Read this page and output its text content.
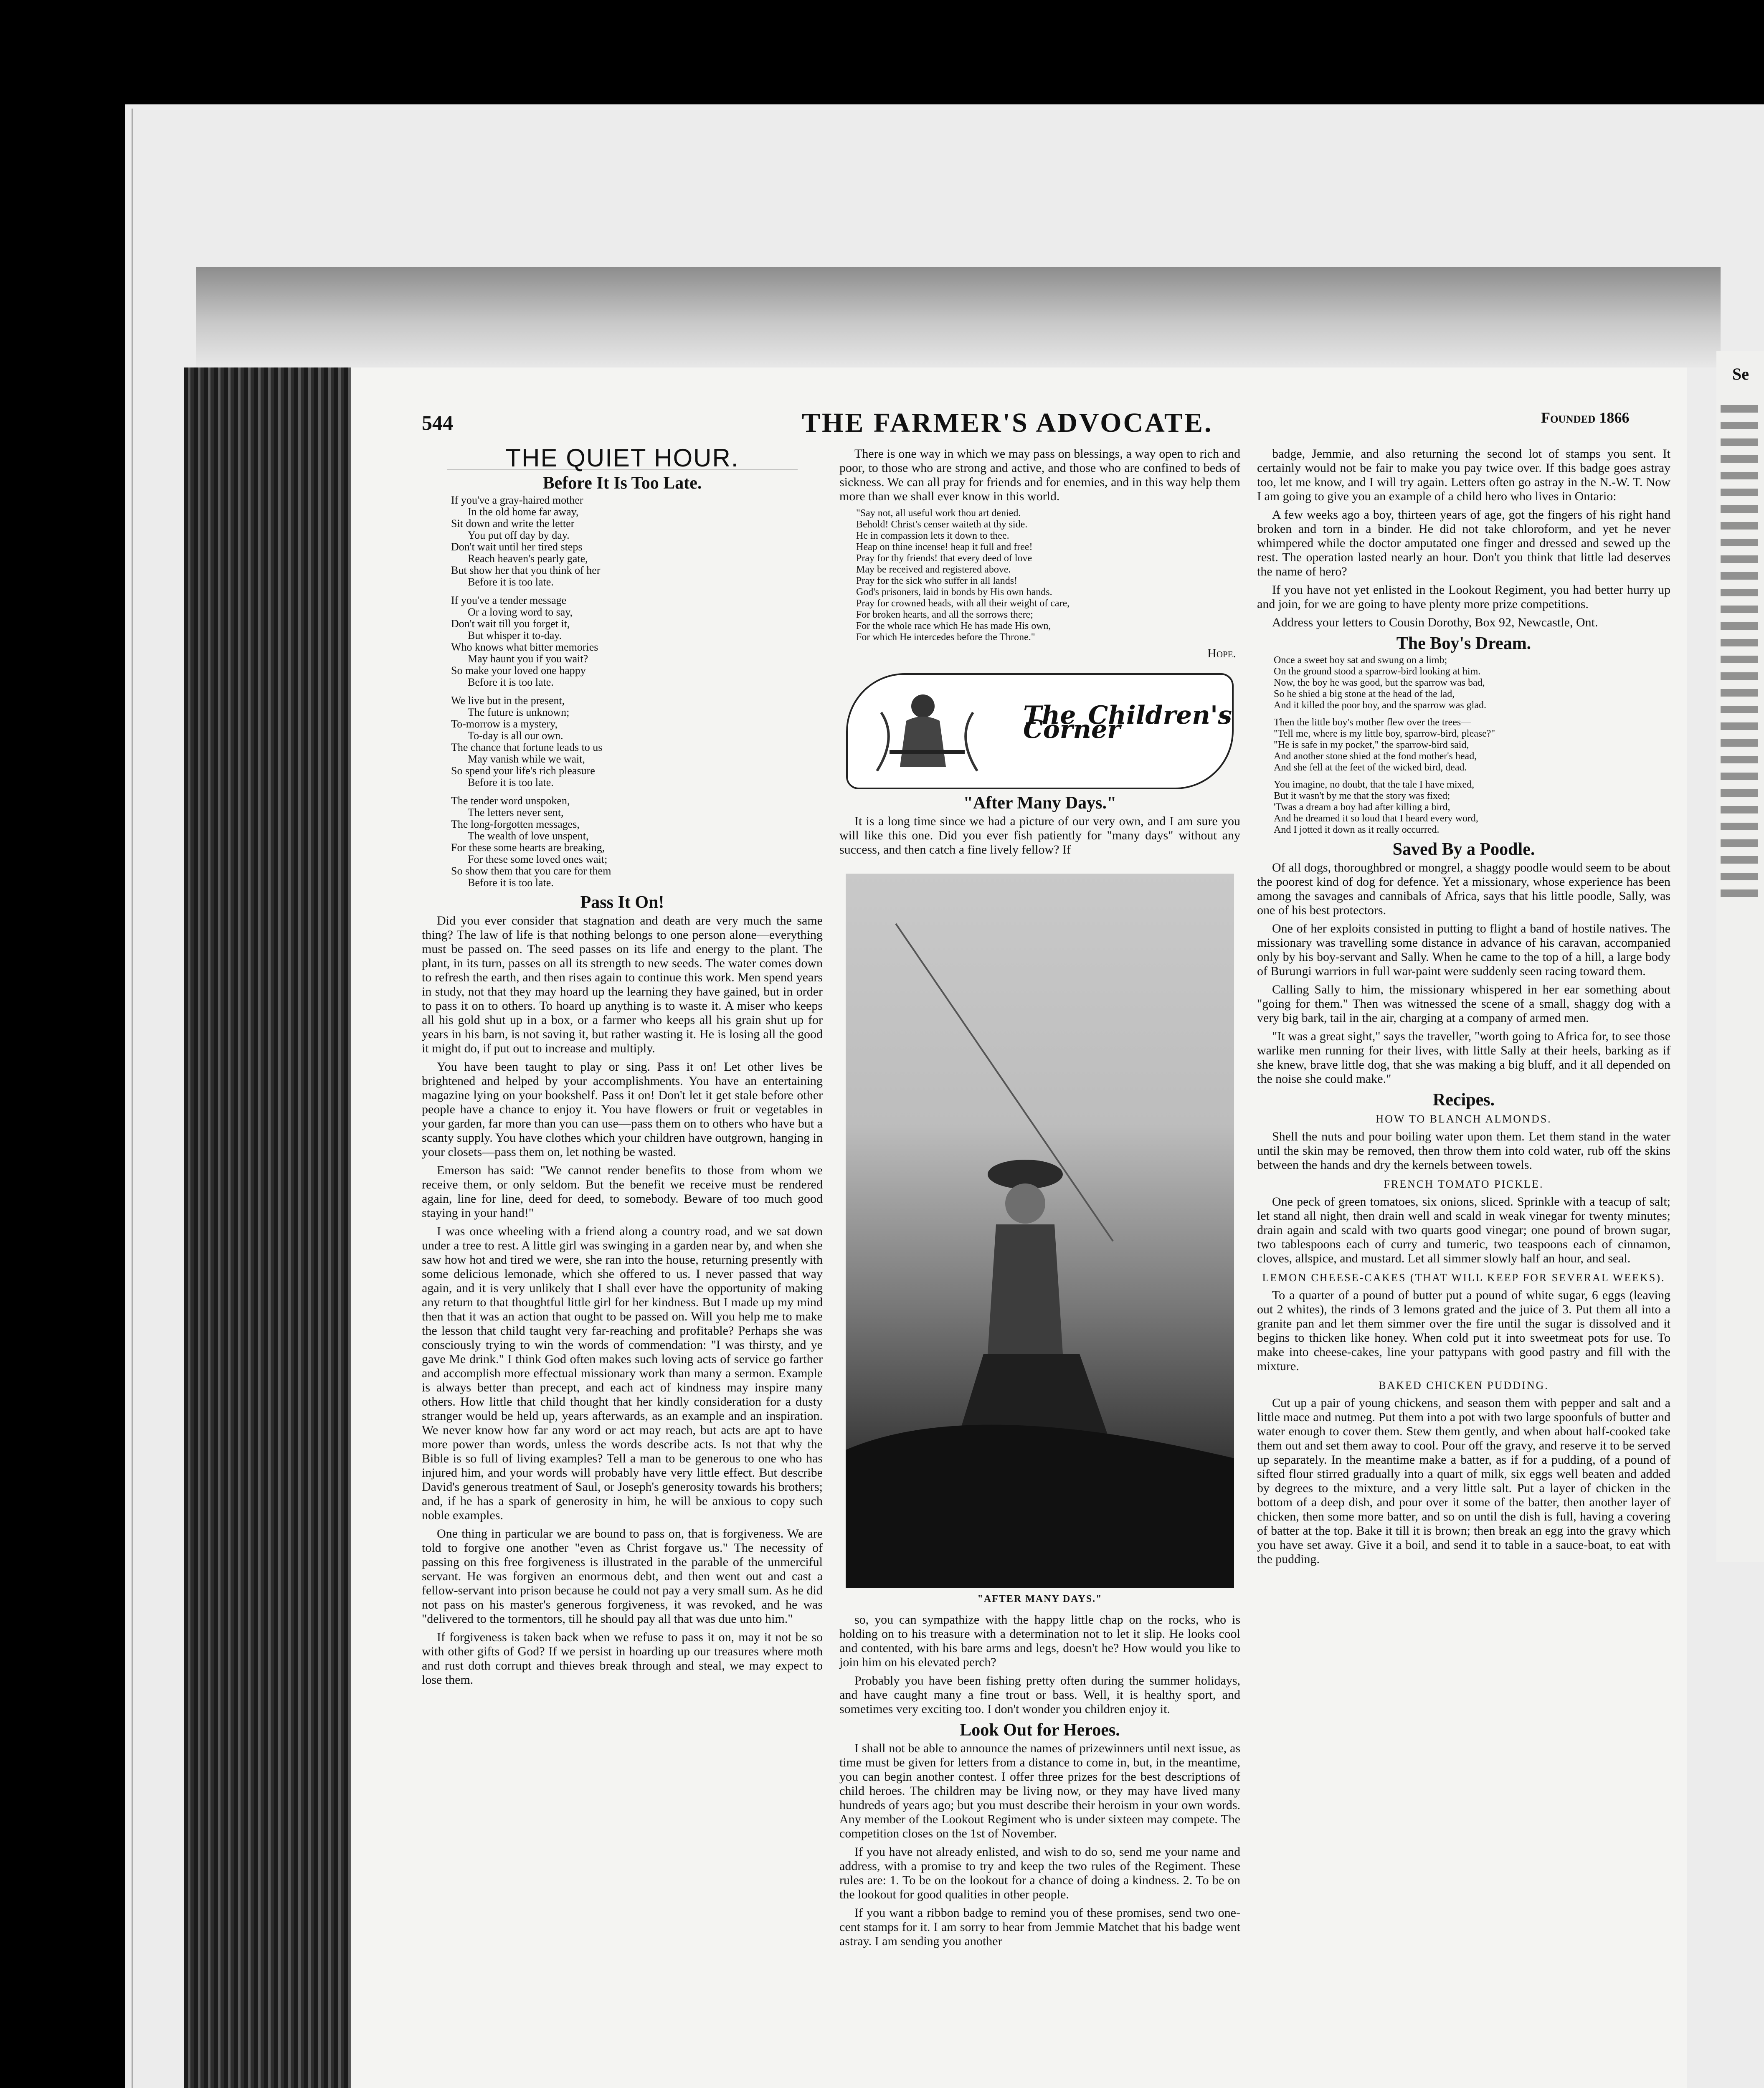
Se
544	THE FARMER'S ADVOCATE.	Founded 1866
THE QUIET HOUR.
Before It Is Too Late.
If you've a gray-haired mother
In the old home far away,
Sit down and write the letter
You put off day by day.
Don't wait until her tired steps
Reach heaven's pearly gate,
But show her that you think of her
Before it is too late.
If you've a tender message
Or a loving word to say,
Don't wait till you forget it,
But whisper it to-day.
Who knows what bitter memories
May haunt you if you wait?
So make your loved one happy
Before it is too late.
We live but in the present,
The future is unknown;
To-morrow is a mystery,
To-day is all our own.
The chance that fortune leads to us
May vanish while we wait,
So spend your life's rich pleasure
Before it is too late.
The tender word unspoken,
The letters never sent,
The long-forgotten messages,
The wealth of love unspent,
For these some hearts are breaking,
For these some loved ones wait;
So show them that you care for them
Before it is too late.
Pass It On!

Did you ever consider that stagnation and death are very much the same thing? The law of life is that nothing belongs to one person alone—everything must be passed on. The seed passes on its life and energy to the plant. The plant, in its turn, passes on all its strength to new seeds. The water comes down to refresh the earth, and then rises again to continue this work. Men spend years in study, not that they may hoard up the learning they have gained, but in order to pass it on to others. To hoard up anything is to waste it. A miser who keeps all his gold shut up in a box, or a farmer who keeps all his grain shut up for years in his barn, is not saving it, but rather wasting it. He is losing all the good it might do, if put out to increase and multiply.

You have been taught to play or sing. Pass it on! Let other lives be brightened and helped by your accomplishments. You have an entertaining magazine lying on your bookshelf. Pass it on! Don't let it get stale before other people have a chance to enjoy it. You have flowers or fruit or vegetables in your garden, far more than you can use—pass them on to others who have but a scanty supply. You have clothes which your children have outgrown, hanging in your closets—pass them on, let nothing be wasted.

Emerson has said: "We cannot render benefits to those from whom we receive them, or only seldom. But the benefit we receive must be rendered again, line for line, deed for deed, to somebody. Beware of too much good staying in your hand!"

I was once wheeling with a friend along a country road, and we sat down under a tree to rest. A little girl was swinging in a garden near by, and when she saw how hot and tired we were, she ran into the house, returning presently with some delicious lemonade, which she offered to us. I never passed that way again, and it is very unlikely that I shall ever have the opportunity of making any return to that thoughtful little girl for her kindness. But I made up my mind then that it was an action that ought to be passed on. Will you help me to make the lesson that child taught very far-reaching and profitable? Perhaps she was consciously trying to win the words of commendation: "I was thirsty, and ye gave Me drink." I think God often makes such loving acts of service go farther and accomplish more effectual missionary work than many a sermon. Example is always better than precept, and each act of kindness may inspire many others. How little that child thought that her kindly consideration for a dusty stranger would be held up, years afterwards, as an example and an inspiration. We never know how far any word or act may reach, but acts are apt to have more power than words, unless the words describe acts. Is not that why the Bible is so full of living examples? Tell a man to be generous to one who has injured him, and your words will probably have very little effect. But describe David's generous treatment of Saul, or Joseph's generosity towards his brothers; and, if he has a spark of generosity in him, he will be anxious to copy such noble examples.

One thing in particular we are bound to pass on, that is forgiveness. We are told to forgive one another "even as Christ forgave us." The necessity of passing on this free forgiveness is illustrated in the parable of the unmerciful servant. He was forgiven an enormous debt, and then went out and cast a fellow-servant into prison because he could not pay a very small sum. As he did not pass on his master's generous forgiveness, it was revoked, and he was "delivered to the tormentors, till he should pay all that was due unto him."

If forgiveness is taken back when we refuse to pass it on, may it not be so with other gifts of God? If we persist in hoarding up our treasures where moth and rust doth corrupt and thieves break through and steal, we may expect to lose them.

There is one way in which we may pass on blessings, a way open to rich and poor, to those who are strong and active, and those who are confined to beds of sickness. We can all pray for friends and for enemies, and in this way help them more than we shall ever know in this world.

"Say not, all useful work thou art denied.
Behold! Christ's censer waiteth at thy side.
He in compassion lets it down to thee.
Heap on thine incense! heap it full and free!
Pray for thy friends! that every deed of love
May be received and registered above.
Pray for the sick who suffer in all lands!
God's prisoners, laid in bonds by His own hands.
Pray for crowned heads, with all their weight of care,
For broken hearts, and all the sorrows there;
For the whole race which He has made His own,
For which He intercedes before the Throne."
Hope.
The Children's Corner
"After Many Days."

It is a long time since we had a picture of our very own, and I am sure you will like this one. Did you ever fish patiently for "many days" without any success, and then catch a fine lively fellow? If

"AFTER MANY DAYS."

so, you can sympathize with the happy little chap on the rocks, who is holding on to his treasure with a determination not to let it slip. He looks cool and contented, with his bare arms and legs, doesn't he? How would you like to join him on his elevated perch?

Probably you have been fishing pretty often during the summer holidays, and have caught many a fine trout or bass. Well, it is healthy sport, and sometimes very exciting too. I don't wonder you children enjoy it.

Look Out for Heroes.

I shall not be able to announce the names of prizewinners until next issue, as time must be given for letters from a distance to come in, but, in the meantime, you can begin another contest. I offer three prizes for the best descriptions of child heroes. The children may be living now, or they may have lived many hundreds of years ago; but you must describe their heroism in your own words. Any member of the Lookout Regiment who is under sixteen may compete. The competition closes on the 1st of November.

If you have not already enlisted, and wish to do so, send me your name and address, with a promise to try and keep the two rules of the Regiment. These rules are: 1. To be on the lookout for a chance of doing a kindness. 2. To be on the lookout for good qualities in other people.

If you want a ribbon badge to remind you of these promises, send two one-cent stamps for it. I am sorry to hear from Jemmie Matchet that his badge went astray. I am sending you another

badge, Jemmie, and also returning the second lot of stamps you sent. It certainly would not be fair to make you pay twice over. If this badge goes astray too, let me know, and I will try again. Letters often go astray in the N.-W. T. Now I am going to give you an example of a child hero who lives in Ontario:

A few weeks ago a boy, thirteen years of age, got the fingers of his right hand broken and torn in a binder. He did not take chloroform, and yet he never whimpered while the doctor amputated one finger and dressed and sewed up the rest. The operation lasted nearly an hour. Don't you think that little lad deserves the name of hero?

If you have not yet enlisted in the Lookout Regiment, you had better hurry up and join, for we are going to have plenty more prize competitions.

Address your letters to Cousin Dorothy, Box 92, Newcastle, Ont.

The Boy's Dream.
Once a sweet boy sat and swung on a limb;
On the ground stood a sparrow-bird looking at him.
Now, the boy he was good, but the sparrow was bad,
So he shied a big stone at the head of the lad,
And it killed the poor boy, and the sparrow was glad.
Then the little boy's mother flew over the trees—
"Tell me, where is my little boy, sparrow-bird, please?"
"He is safe in my pocket," the sparrow-bird said,
And another stone shied at the fond mother's head,
And she fell at the feet of the wicked bird, dead.
You imagine, no doubt, that the tale I have mixed,
But it wasn't by me that the story was fixed;
'Twas a dream a boy had after killing a bird,
And he dreamed it so loud that I heard every word,
And I jotted it down as it really occurred.
Saved By a Poodle.

Of all dogs, thoroughbred or mongrel, a shaggy poodle would seem to be about the poorest kind of dog for defence. Yet a missionary, whose experience has been among the savages and cannibals of Africa, says that his little poodle, Sally, was one of his best protectors.

One of her exploits consisted in putting to flight a band of hostile natives. The missionary was travelling some distance in advance of his caravan, accompanied only by his boy-servant and Sally. When he came to the top of a hill, a large body of Burungi warriors in full war-paint were suddenly seen racing toward them.

Calling Sally to him, the missionary whispered in her ear something about "going for them." Then was witnessed the scene of a small, shaggy dog with a very big bark, tail in the air, charging at a company of armed men.

"It was a great sight," says the traveller, "worth going to Africa for, to see those warlike men running for their lives, with little Sally at their heels, barking as if she knew, brave little dog, that she was making a big bluff, and it all depended on the noise she could make."

Recipes.
HOW TO BLANCH ALMONDS.

Shell the nuts and pour boiling water upon them. Let them stand in the water until the skin may be removed, then throw them into cold water, rub off the skins between the hands and dry the kernels between towels.

FRENCH TOMATO PICKLE.

One peck of green tomatoes, six onions, sliced. Sprinkle with a teacup of salt; let stand all night, then drain well and scald in weak vinegar for twenty minutes; drain again and scald with two quarts good vinegar; one pound of brown sugar, two tablespoons each of curry and tumeric, two teaspoons each of cinnamon, cloves, allspice, and mustard. Let all simmer slowly half an hour, and seal.

LEMON CHEESE-CAKES (THAT WILL KEEP FOR SEVERAL WEEKS).

To a quarter of a pound of butter put a pound of white sugar, 6 eggs (leaving out 2 whites), the rinds of 3 lemons grated and the juice of 3. Put them all into a granite pan and let them simmer over the fire until the sugar is dissolved and it begins to thicken like honey. When cold put it into sweetmeat pots for use. To make into cheese-cakes, line your pattypans with good pastry and fill with the mixture.

BAKED CHICKEN PUDDING.

Cut up a pair of young chickens, and season them with pepper and salt and a little mace and nutmeg. Put them into a pot with two large spoonfuls of butter and water enough to cover them. Stew them gently, and when about half-cooked take them out and set them away to cool. Pour off the gravy, and reserve it to be served up separately. In the meantime make a batter, as if for a pudding, of a pound of sifted flour stirred gradually into a quart of milk, six eggs well beaten and added by degrees to the mixture, and a very little salt. Put a layer of chicken in the bottom of a deep dish, and pour over it some of the batter, then another layer of chicken, then some more batter, and so on until the dish is full, having a covering of batter at the top. Bake it till it is brown; then break an egg into the gravy which you have set away. Give it a boil, and send it to table in a sauce-boat, to eat with the pudding.
